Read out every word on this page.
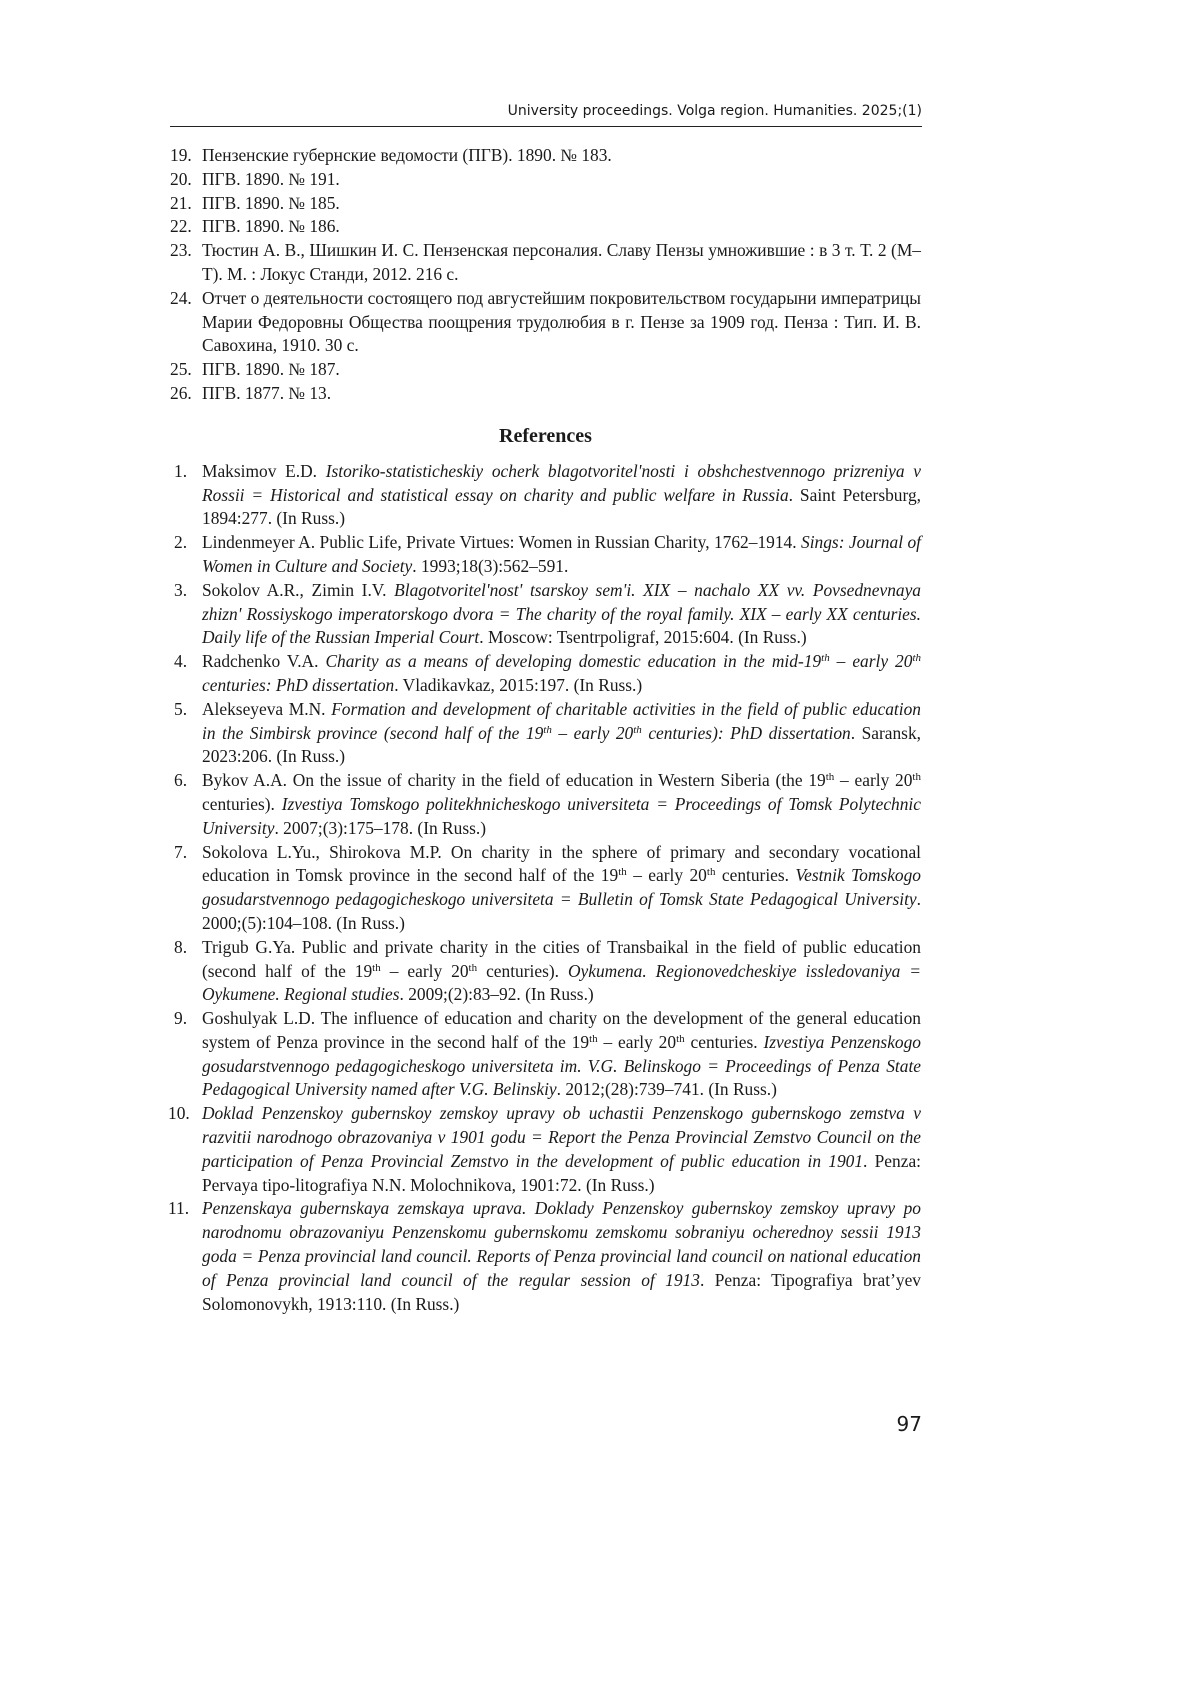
University proceedings. Volga region. Humanities. 2025;(1)
19. Пензенские губернские ведомости (ПГВ). 1890. № 183.
20. ПГВ. 1890. № 191.
21. ПГВ. 1890. № 185.
22. ПГВ. 1890. № 186.
23. Тюстин А. В., Шишкин И. С. Пензенская персоналия. Славу Пензы умножившие : в 3 т. Т. 2 (М–Т). М. : Локус Станди, 2012. 216 с.
24. Отчет о деятельности состоящего под августейшим покровительством государыни императрицы Марии Федоровны Общества поощрения трудолюбия в г. Пензе за 1909 год. Пенза : Тип. И. В. Савохина, 1910. 30 с.
25. ПГВ. 1890. № 187.
26. ПГВ. 1877. № 13.
References
1. Maksimov E.D. Istoriko-statisticheskiy ocherk blagotvoritel'nosti i obshchestvennogo prizreniya v Rossii = Historical and statistical essay on charity and public welfare in Russia. Saint Petersburg, 1894:277. (In Russ.)
2. Lindenmeyer A. Public Life, Private Virtues: Women in Russian Charity, 1762–1914. Sings: Journal of Women in Culture and Society. 1993;18(3):562–591.
3. Sokolov A.R., Zimin I.V. Blagotvoritel'nost' tsarskoy sem'i. XIX – nachalo XX vv. Povsednevnaya zhizn' Rossiyskogo imperatorskogo dvora = The charity of the royal family. XIX – early XX centuries. Daily life of the Russian Imperial Court. Moscow: Tsentrpoligraf, 2015:604. (In Russ.)
4. Radchenko V.A. Charity as a means of developing domestic education in the mid-19th – early 20th centuries: PhD dissertation. Vladikavkaz, 2015:197. (In Russ.)
5. Alekseyeva M.N. Formation and development of charitable activities in the field of public education in the Simbirsk province (second half of the 19th – early 20th centuries): PhD dissertation. Saransk, 2023:206. (In Russ.)
6. Bykov A.A. On the issue of charity in the field of education in Western Siberia (the 19th – early 20th centuries). Izvestiya Tomskogo politekhnicheskogo universiteta = Proceedings of Tomsk Polytechnic University. 2007;(3):175–178. (In Russ.)
7. Sokolova L.Yu., Shirokova M.P. On charity in the sphere of primary and secondary vocational education in Tomsk province in the second half of the 19th – early 20th centuries. Vestnik Tomskogo gosudarstvennogo pedagogicheskogo universiteta = Bulletin of Tomsk State Pedagogical University. 2000;(5):104–108. (In Russ.)
8. Trigub G.Ya. Public and private charity in the cities of Transbaikal in the field of public education (second half of the 19th – early 20th centuries). Oykumena. Regionovedcheskiye issledovaniya = Oykumene. Regional studies. 2009;(2):83–92. (In Russ.)
9. Goshulyak L.D. The influence of education and charity on the development of the general education system of Penza province in the second half of the 19th – early 20th centuries. Izvestiya Penzenskogo gosudarstvennogo pedagogicheskogo universiteta im. V.G. Belinskogo = Proceedings of Penza State Pedagogical University named after V.G. Belinskiy. 2012;(28):739–741. (In Russ.)
10. Doklad Penzenskoy gubernskoy zemskoy upravy ob uchastii Penzenskogo gubernskogo zemstva v razvitii narodnogo obrazovaniya v 1901 godu = Report the Penza Provincial Zemstvo Council on the participation of Penza Provincial Zemstvo in the development of public education in 1901. Penza: Pervaya tipo-litografiya N.N. Molochnikova, 1901:72. (In Russ.)
11. Penzenskaya gubernskaya zemskaya uprava. Doklady Penzenskoy gubernskoy zemskoy upravy po narodnomu obrazovaniyu Penzenskomu gubernskomu zemskomu sobraniyu ocherednoy sessii 1913 goda = Penza provincial land council. Reports of Penza provincial land council on national education of Penza provincial land council of the regular session of 1913. Penza: Tipografiya brat’yev Solomonovykh, 1913:110. (In Russ.)
97
